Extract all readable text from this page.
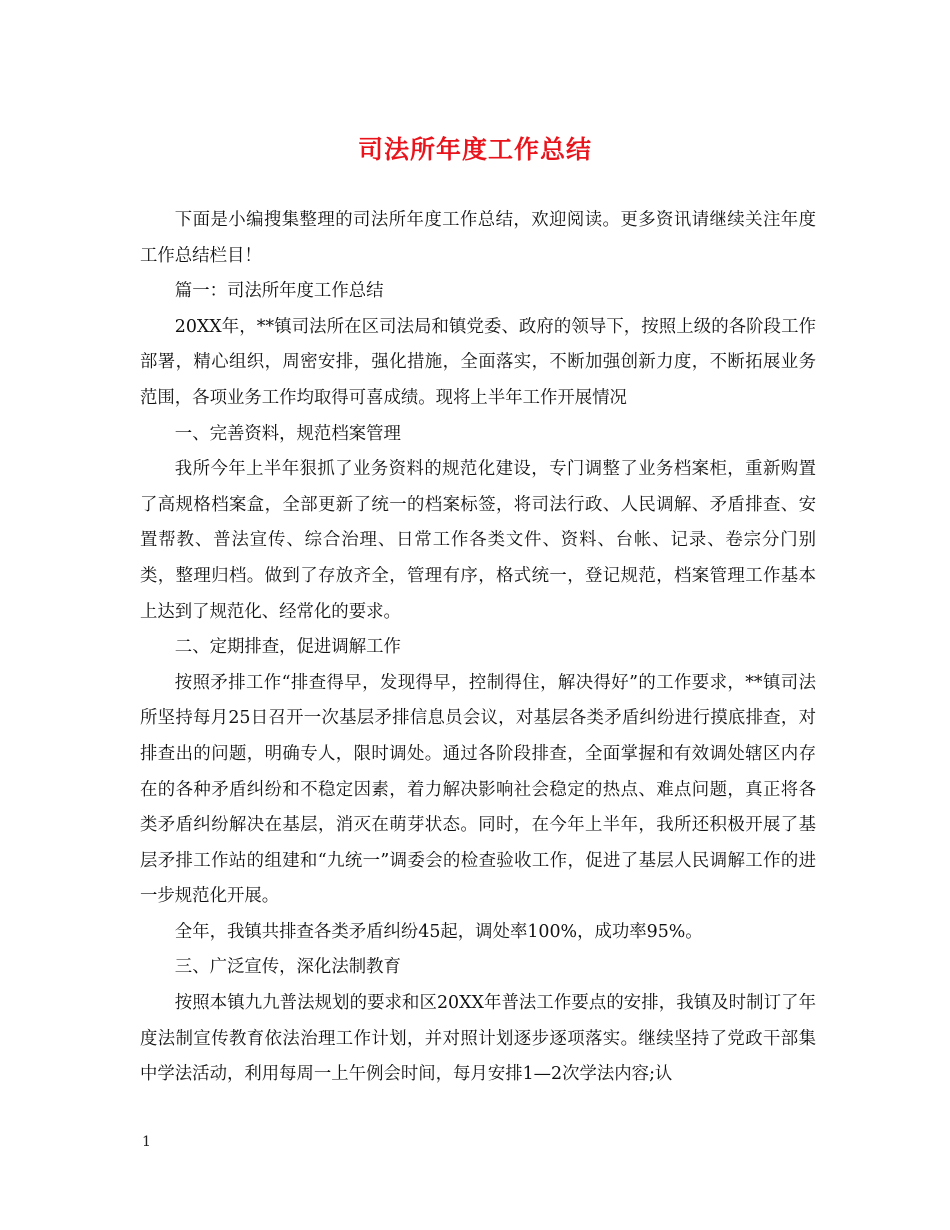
司法所年度工作总结

下面是小编搜集整理的司法所年度工作总结，欢迎阅读。更多资讯请继续关注年度工作总结栏目！

篇一：司法所年度工作总结

20XX年，**镇司法所在区司法局和镇党委、政府的领导下，按照上级的各阶段工作部署，精心组织，周密安排，强化措施，全面落实，不断加强创新力度，不断拓展业务范围，各项业务工作均取得可喜成绩。现将上半年工作开展情况

一、完善资料，规范档案管理

我所今年上半年狠抓了业务资料的规范化建设，专门调整了业务档案柜，重新购置了高规格档案盒，全部更新了统一的档案标签，将司法行政、人民调解、矛盾排查、安置帮教、普法宣传、综合治理、日常工作各类文件、资料、台帐、记录、卷宗分门别类，整理归档。做到了存放齐全，管理有序，格式统一，登记规范，档案管理工作基本上达到了规范化、经常化的要求。

二、定期排查，促进调解工作

按照矛排工作“排查得早，发现得早，控制得住，解决得好”的工作要求，**镇司法所坚持每月25日召开一次基层矛排信息员会议，对基层各类矛盾纠纷进行摸底排查，对排查出的问题，明确专人，限时调处。通过各阶段排查，全面掌握和有效调处辖区内存在的各种矛盾纠纷和不稳定因素，着力解决影响社会稳定的热点、难点问题，真正将各类矛盾纠纷解决在基层，消灭在萌芽状态。同时，在今年上半年，我所还积极开展了基层矛排工作站的组建和“九统一”调委会的检查验收工作，促进了基层人民调解工作的进一步规范化开展。

全年，我镇共排查各类矛盾纠纷45起，调处率100%，成功率95%。

三、广泛宣传，深化法制教育

按照本镇九九普法规划的要求和区20XX年普法工作要点的安排，我镇及时制订了年度法制宣传教育依法治理工作计划，并对照计划逐步逐项落实。继续坚持了党政干部集中学法活动，利用每周一上午例会时间，每月安排1—2次学法内容;认

1
